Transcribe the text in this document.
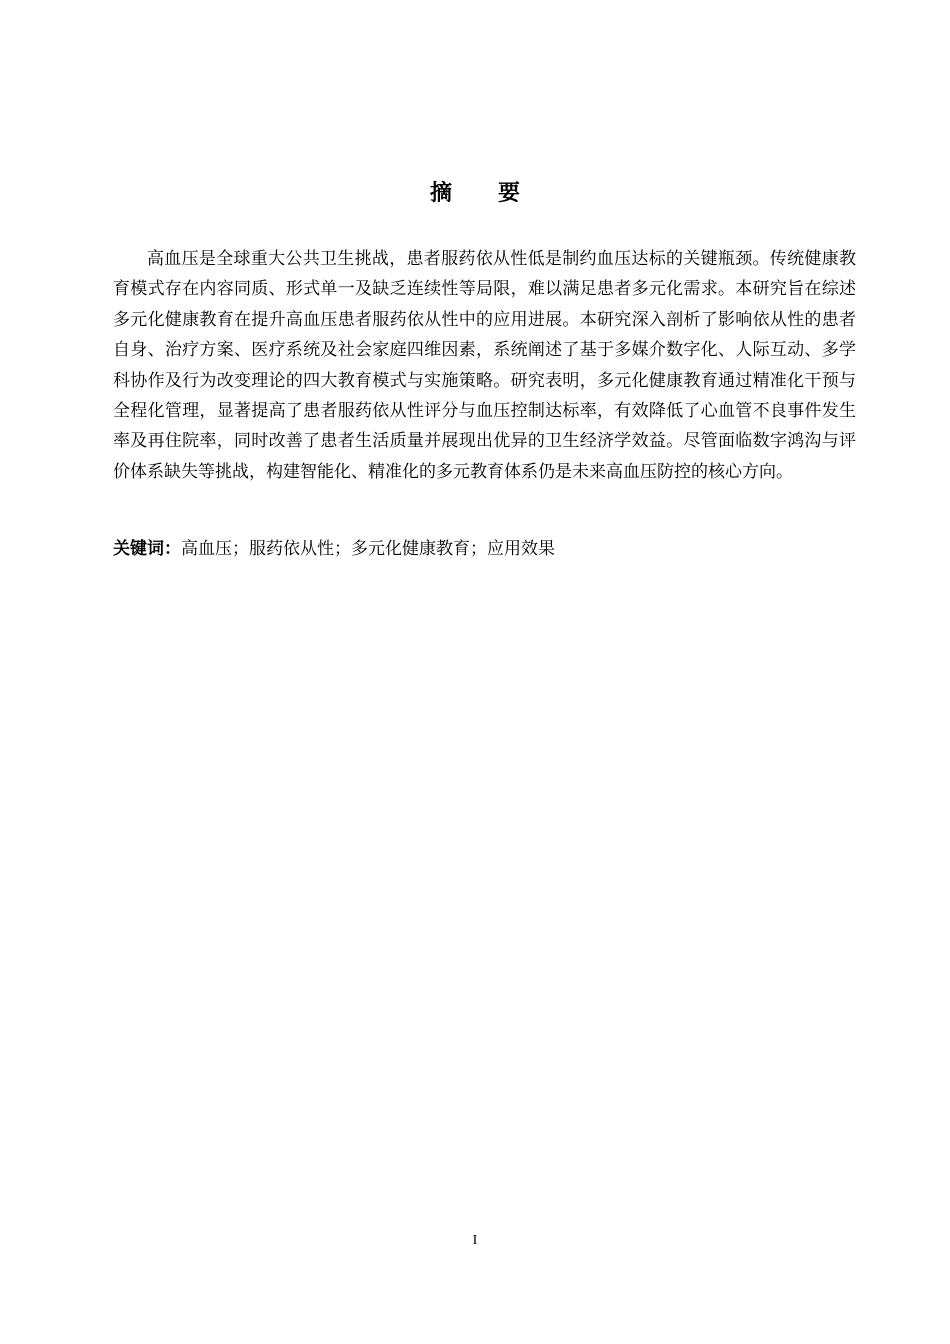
摘 要

高血压是全球重大公共卫生挑战，患者服药依从性低是制约血压达标的关键瓶颈。传统健康教育模式存在内容同质、形式单一及缺乏连续性等局限，难以满足患者多元化需求。本研究旨在综述多元化健康教育在提升高血压患者服药依从性中的应用进展。本研究深入剖析了影响依从性的患者自身、治疗方案、医疗系统及社会家庭四维因素，系统阐述了基于多媒介数字化、人际互动、多学科协作及行为改变理论的四大教育模式与实施策略。研究表明，多元化健康教育通过精准化干预与全程化管理，显著提高了患者服药依从性评分与血压控制达标率，有效降低了心血管不良事件发生率及再住院率，同时改善了患者生活质量并展现出优异的卫生经济学效益。尽管面临数字鸿沟与评价体系缺失等挑战，构建智能化、精准化的多元教育体系仍是未来高血压防控的核心方向。

关键词：高血压；服药依从性；多元化健康教育；应用效果
I
